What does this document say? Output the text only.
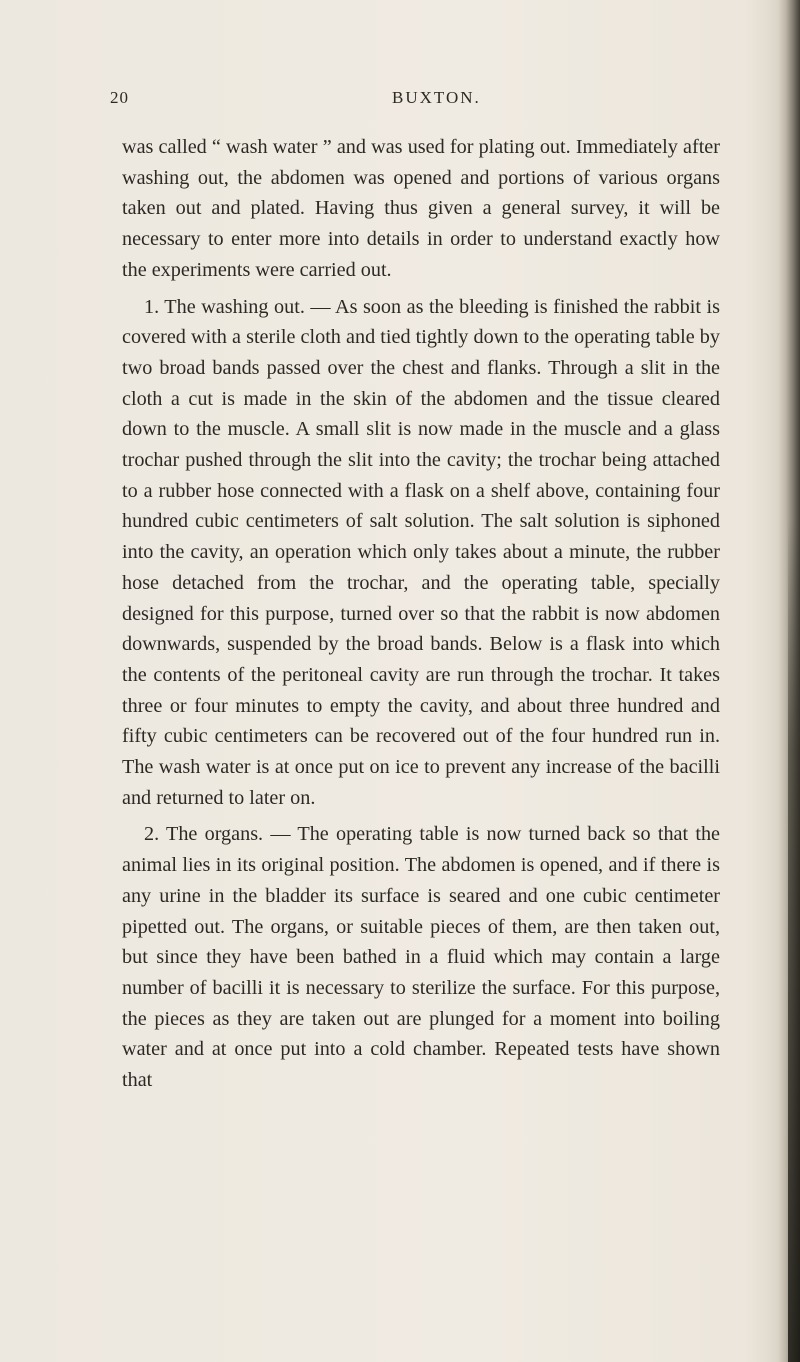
20	BUXTON.

was called “ wash water ” and was used for plating out. Immediately after washing out, the abdomen was opened and portions of various organs taken out and plated. Having thus given a general survey, it will be necessary to enter more into details in order to understand exactly how the experiments were carried out.

1. The washing out. — As soon as the bleeding is finished the rabbit is covered with a sterile cloth and tied tightly down to the operating table by two broad bands passed over the chest and flanks. Through a slit in the cloth a cut is made in the skin of the abdomen and the tissue cleared down to the muscle. A small slit is now made in the muscle and a glass trochar pushed through the slit into the cavity; the trochar being attached to a rubber hose connected with a flask on a shelf above, containing four hundred cubic centimeters of salt solution. The salt solution is siphoned into the cavity, an operation which only takes about a minute, the rubber hose detached from the trochar, and the operating table, specially designed for this purpose, turned over so that the rabbit is now abdomen downwards, suspended by the broad bands. Below is a flask into which the contents of the peritoneal cavity are run through the trochar. It takes three or four minutes to empty the cavity, and about three hundred and fifty cubic centimeters can be recovered out of the four hundred run in. The wash water is at once put on ice to prevent any increase of the bacilli and returned to later on.

2. The organs. — The operating table is now turned back so that the animal lies in its original position. The abdomen is opened, and if there is any urine in the bladder its surface is seared and one cubic centimeter pipetted out. The organs, or suitable pieces of them, are then taken out, but since they have been bathed in a fluid which may contain a large number of bacilli it is necessary to sterilize the surface. For this purpose, the pieces as they are taken out are plunged for a moment into boiling water and at once put into a cold chamber. Repeated tests have shown that
